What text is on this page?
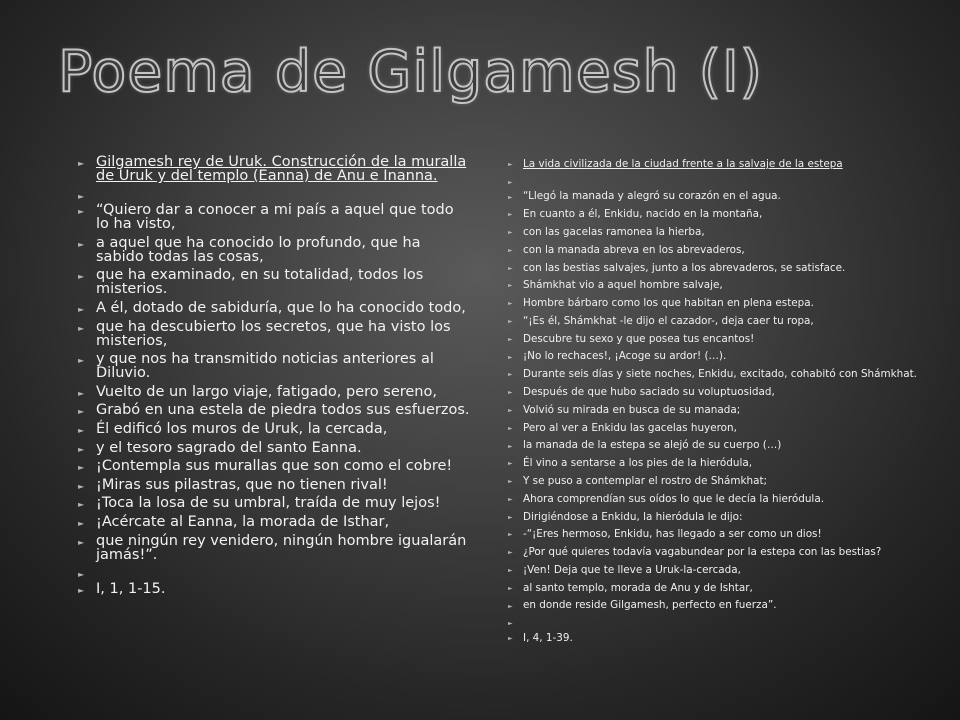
Poema de Gilgamesh (I)
► Gilgamesh rey de Uruk. Construcción de la muralla de Uruk y del templo (Eanna) de Anu e Inanna.
►
► “Quiero dar a conocer a mi país a aquel que todo lo ha visto,
► a aquel que ha conocido lo profundo, que ha sabido todas las cosas,
► que ha examinado, en su totalidad, todos los misterios.
► A él, dotado de sabiduría, que lo ha conocido todo,
► que ha descubierto los secretos, que ha visto los misterios,
► y que nos ha transmitido noticias anteriores al Diluvio.
► Vuelto de un largo viaje, fatigado, pero sereno,
► Grabó en una estela de piedra todos sus esfuerzos.
► Él edificó los muros de Uruk, la cercada,
► y el tesoro sagrado del santo Eanna.
► ¡Contempla sus murallas que son como el cobre!
► ¡Miras sus pilastras, que no tienen rival!
► ¡Toca la losa de su umbral, traída de muy lejos!
► ¡Acércate al Eanna, la morada de Isthar,
► que ningún rey venidero, ningún hombre igualarán jamás!”.
►
► I, 1, 1-15.
► La vida civilizada de la ciudad frente a la salvaje de la estepa
►
► “Llegó la manada y alegró su corazón en el agua.
► En cuanto a él, Enkidu, nacido en la montaña,
► con las gacelas ramonea la hierba,
► con la manada abreva en los abrevaderos,
► con las bestias salvajes, junto a los abrevaderos, se satisface.
► Shámkhat vio a aquel hombre salvaje,
► Hombre bárbaro como los que habitan en plena estepa.
► “¡Es él, Shámkhat -le dijo el cazador-, deja caer tu ropa,
► Descubre tu sexo y que posea tus encantos!
► ¡No lo rechaces!, ¡Acoge su ardor! (…).
► Durante seis días y siete noches, Enkidu, excitado, cohabitó con Shámkhat.
► Después de que hubo saciado su voluptuosidad,
► Volvió su mirada en busca de su manada;
► Pero al ver a Enkidu las gacelas huyeron,
► la manada de la estepa se alejó de su cuerpo (…)
► Él vino a sentarse a los pies de la hieródula,
► Y se puso a contemplar el rostro de Shámkhat;
► Ahora comprendían sus oídos lo que le decía la hieródula.
► Dirigiéndose a Enkidu, la hieródula le dijo:
► -“¡Eres hermoso, Enkidu, has llegado a ser como un dios!
► ¿Por qué quieres todavía vagabundear por la estepa con las bestias?
► ¡Ven! Deja que te lleve a Uruk-la-cercada,
► al santo templo, morada de Anu y de Ishtar,
► en donde reside Gilgamesh, perfecto en fuerza”.
►
► I, 4, 1-39.
